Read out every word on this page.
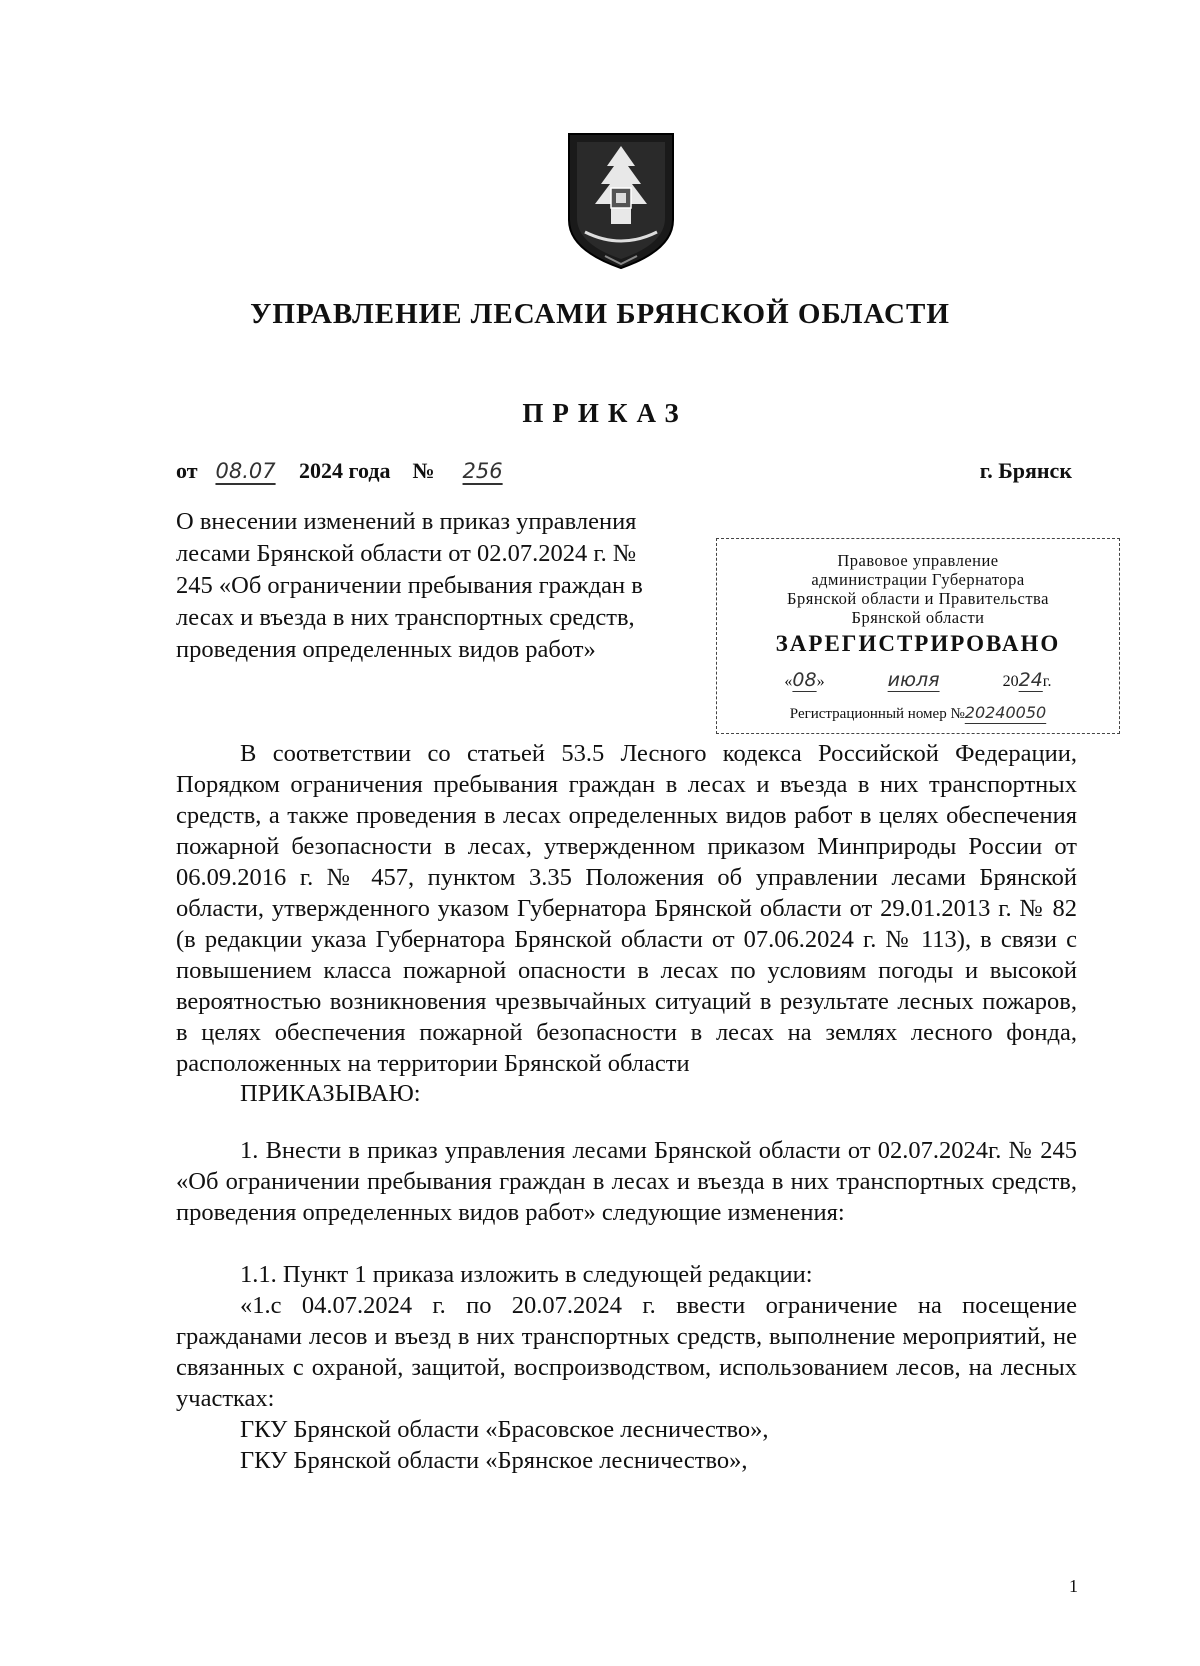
УПРАВЛЕНИЕ ЛЕСАМИ БРЯНСКОЙ ОБЛАСТИ
ПРИКАЗ
от 08.07 2024 года № 256	г. Брянск
О внесении изменений в приказ управления лесами Брянской области от 02.07.2024 г. № 245 «Об ограничении пребывания граждан в лесах и въезда в них транспортных средств, проведения определенных видов работ»
Правовое управление
администрации Губернатора
Брянской области и Правительства
Брянской области
ЗАРЕГИСТРИРОВАНО
«08»	июля	2024г.
Регистрационный номер №20240050
В соответствии со статьей 53.5 Лесного кодекса Российской Федерации, Порядком ограничения пребывания граждан в лесах и въезда в них транспортных средств, а также проведения в лесах определенных видов работ в целях обеспечения пожарной безопасности в лесах, утвержденном приказом Минприроды России от 06.09.2016 г. № 457, пунктом 3.35 Положения об управлении лесами Брянской области, утвержденного указом Губернатора Брянской области от 29.01.2013 г. № 82 (в редакции указа Губернатора Брянской области от 07.06.2024 г. № 113), в связи с повышением класса пожарной опасности в лесах по условиям погоды и высокой вероятностью возникновения чрезвычайных ситуаций в результате лесных пожаров, в целях обеспечения пожарной безопасности в лесах на землях лесного фонда, расположенных на территории Брянской области
ПРИКАЗЫВАЮ:
1. Внести в приказ управления лесами Брянской области от 02.07.2024г. № 245 «Об ограничении пребывания граждан в лесах и въезда в них транспортных средств, проведения определенных видов работ» следующие изменения:
1.1. Пункт 1 приказа изложить в следующей редакции:
«1.с 04.07.2024 г. по 20.07.2024 г. ввести ограничение на посещение гражданами лесов и въезд в них транспортных средств, выполнение мероприятий, не связанных с охраной, защитой, воспроизводством, использованием лесов, на лесных участках:
ГКУ Брянской области «Брасовское лесничество»,
ГКУ Брянской области «Брянское лесничество»,
1
